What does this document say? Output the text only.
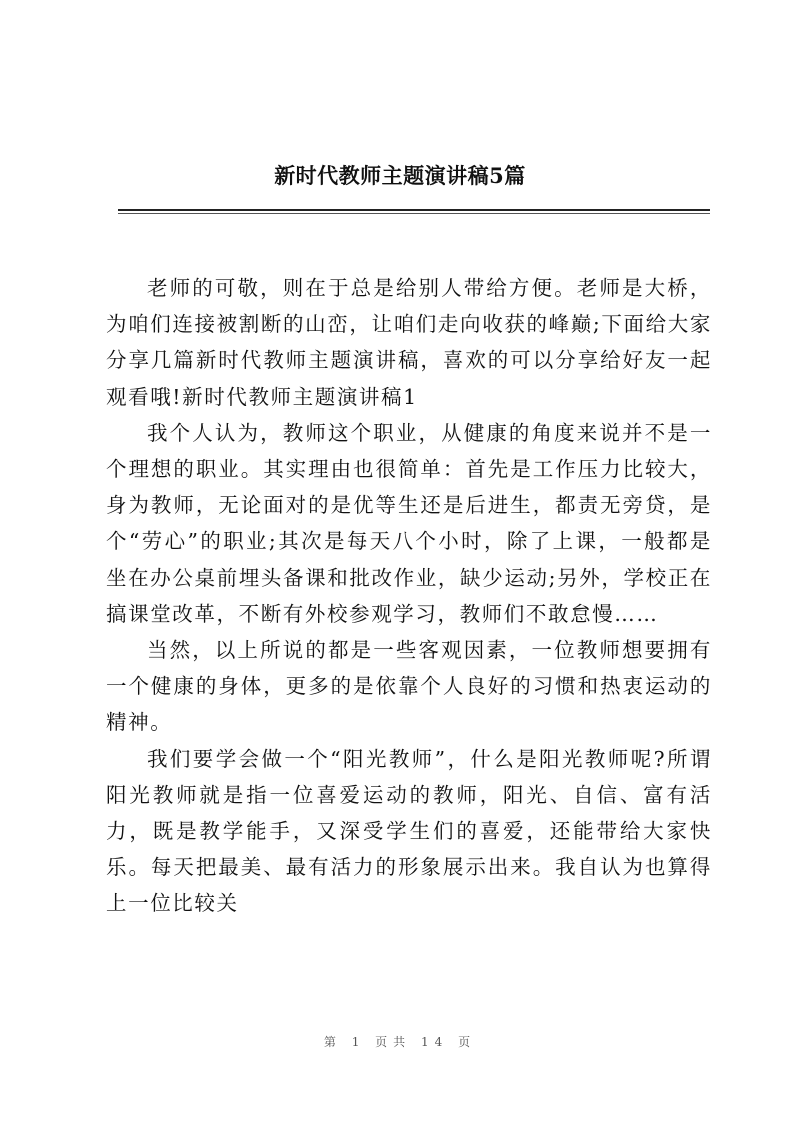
新时代教师主题演讲稿5篇

老师的可敬，则在于总是给别人带给方便。老师是大桥，为咱们连接被割断的山峦，让咱们走向收获的峰巅;下面给大家分享几篇新时代教师主题演讲稿，喜欢的可以分享给好友一起观看哦!新时代教师主题演讲稿1

我个人认为，教师这个职业，从健康的角度来说并不是一个理想的职业。其实理由也很简单：首先是工作压力比较大，身为教师，无论面对的是优等生还是后进生，都责无旁贷，是个“劳心”的职业;其次是每天八个小时，除了上课，一般都是坐在办公桌前埋头备课和批改作业，缺少运动;另外，学校正在搞课堂改革，不断有外校参观学习，教师们不敢怠慢……

当然，以上所说的都是一些客观因素，一位教师想要拥有一个健康的身体，更多的是依靠个人良好的习惯和热衷运动的精神。

我们要学会做一个“阳光教师”，什么是阳光教师呢?所谓阳光教师就是指一位喜爱运动的教师，阳光、自信、富有活力，既是教学能手，又深受学生们的喜爱，还能带给大家快乐。每天把最美、最有活力的形象展示出来。我自认为也算得上一位比较关

第 1 页共 14 页
